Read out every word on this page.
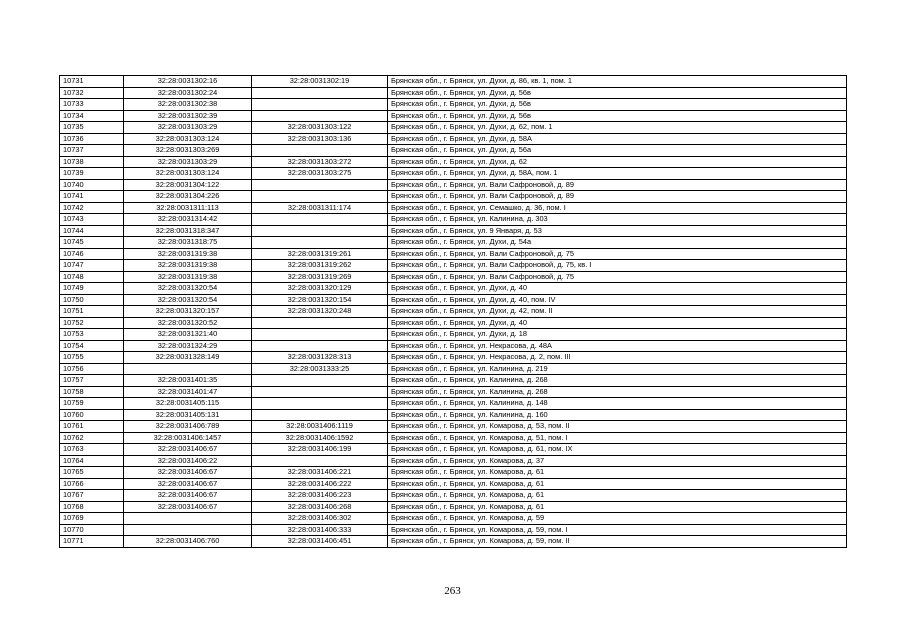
10731	32:28:0031302:16	32:28:0031302:19	Брянская обл., г. Брянск, ул. Духи, д. 86, кв. 1, пом. 1
10732	32:28:0031302:24		Брянская обл., г. Брянск, ул. Духи, д. 56в
10733	32:28:0031302:38		Брянская обл., г. Брянск, ул. Духи, д. 56в
10734	32:28:0031302:39		Брянская обл., г. Брянск, ул. Духи, д. 56в
10735	32:28:0031303:29	32:28:0031303:122	Брянская обл., г. Брянск, ул. Духи, д. 62, пом. 1
10736	32:28:0031303:124	32:28:0031303:136	Брянская обл., г. Брянск, ул. Духи, д. 58А
10737	32:28:0031303:269		Брянская обл., г. Брянск, ул. Духи, д. 56а
10738	32:28:0031303:29	32:28:0031303:272	Брянская обл., г. Брянск, ул. Духи, д. 62
10739	32:28:0031303:124	32:28:0031303:275	Брянская обл., г. Брянск, ул. Духи, д. 58А, пом. 1
10740	32:28:0031304:122		Брянская обл., г. Брянск, ул. Вали Сафроновой, д. 89
10741	32:28:0031304:226		Брянская обл., г. Брянск, ул. Вали Сафроновой, д. 89
10742	32:28:0031311:113	32:28:0031311:174	Брянская обл., г. Брянск, ул. Семашко, д. 36, пом. I
10743	32:28:0031314:42		Брянская обл., г. Брянск, ул. Калинина, д. 303
10744	32:28:0031318:347		Брянская обл., г. Брянск, ул. 9 Января, д. 53
10745	32:28:0031318:75		Брянская обл., г. Брянск, ул. Духи, д. 54а
10746	32:28:0031319:38	32:28:0031319:261	Брянская обл., г. Брянск, ул. Вали Сафроновой, д. 75
10747	32:28:0031319:38	32:28:0031319:262	Брянская обл., г. Брянск, ул. Вали Сафроновой, д. 75, кв. I
10748	32:28:0031319:38	32:28:0031319:269	Брянская обл., г. Брянск, ул. Вали Сафроновой, д. 75
10749	32:28:0031320:54	32:28:0031320:129	Брянская обл., г. Брянск, ул. Духи, д. 40
10750	32:28:0031320:54	32:28:0031320:154	Брянская обл., г. Брянск, ул. Духи, д. 40, пом. IV
10751	32:28:0031320:157	32:28:0031320:248	Брянская обл., г. Брянск, ул. Духи, д. 42, пом. II
10752	32:28:0031320:52		Брянская обл., г. Брянск, ул. Духи, д. 40
10753	32:28:0031321:40		Брянская обл., г. Брянск, ул. Духи, д. 18
10754	32:28:0031324:29		Брянская обл., г. Брянск, ул. Некрасова, д. 48А
10755	32:28:0031328:149	32:28:0031328:313	Брянская обл., г. Брянск, ул. Некрасова, д. 2, пом. III
10756		32:28:0031333:25	Брянская обл., г. Брянск, ул. Калинина, д. 219
10757	32:28:0031401:35		Брянская обл., г. Брянск, ул. Калинина, д. 268
10758	32:28:0031401:47		Брянская обл., г. Брянск, ул. Калинина, д. 268
10759	32:28:0031405:115		Брянская обл., г. Брянск, ул. Калинина, д. 148
10760	32:28:0031405:131		Брянская обл., г. Брянск, ул. Калинина, д. 160
10761	32:28:0031406:789	32:28:0031406:1119	Брянская обл., г. Брянск, ул. Комарова, д. 53, пом. II
10762	32:28:0031406:1457	32:28:0031406:1592	Брянская обл., г. Брянск, ул. Комарова, д. 51, пом. I
10763	32:28:0031406:67	32:28:0031406:199	Брянская обл., г. Брянск, ул. Комарова, д. 61, пом. IX
10764	32:28:0031406:22		Брянская обл., г. Брянск, ул. Комарова, д. 37
10765	32:28:0031406:67	32:28:0031406:221	Брянская обл., г. Брянск, ул. Комарова, д. 61
10766	32:28:0031406:67	32:28:0031406:222	Брянская обл., г. Брянск, ул. Комарова, д. 61
10767	32:28:0031406:67	32:28:0031406:223	Брянская обл., г. Брянск, ул. Комарова, д. 61
10768	32:28:0031406:67	32:28:0031406:268	Брянская обл., г. Брянск, ул. Комарова, д. 61
10769		32:28:0031406:302	Брянская обл., г. Брянск, ул. Комарова, д. 59
10770		32:28:0031406:333	Брянская обл., г. Брянск, ул. Комарова, д. 59, пом. I
10771	32:28:0031406:760	32:28:0031406:451	Брянская обл., г. Брянск, ул. Комарова, д. 59, пом. II
263
